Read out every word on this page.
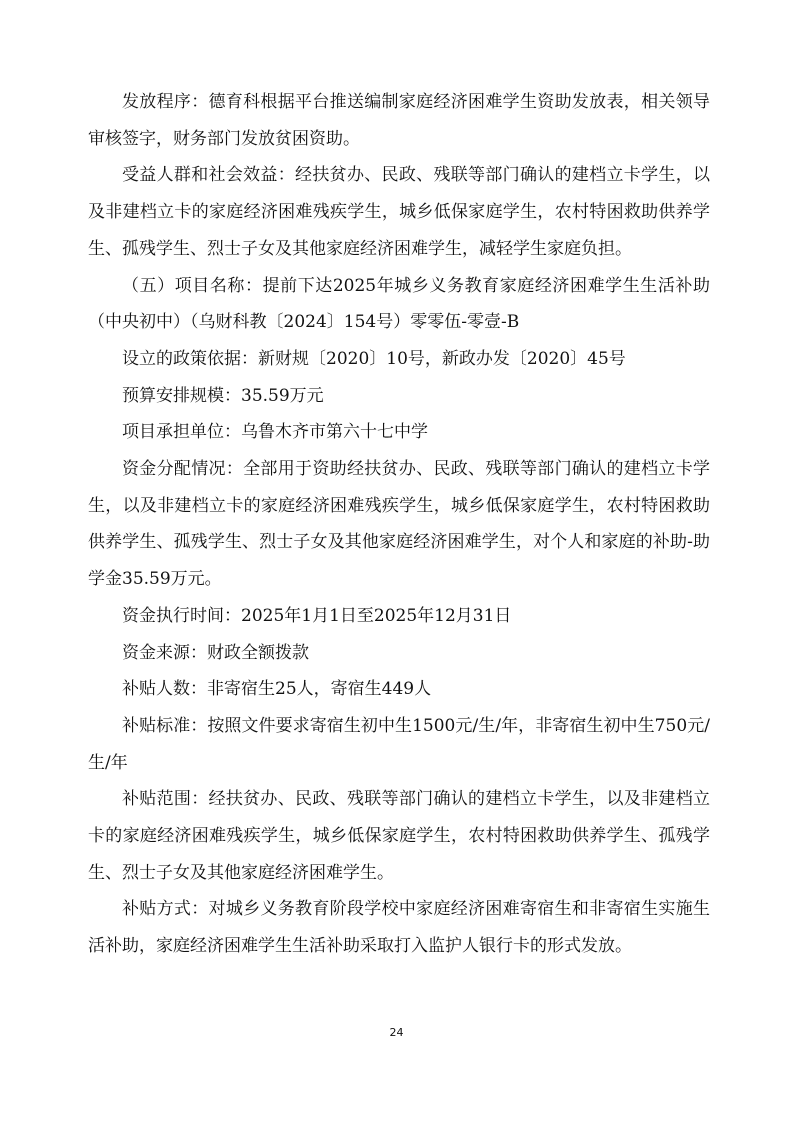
发放程序：德育科根据平台推送编制家庭经济困难学生资助发放表，相关领导审核签字，财务部门发放贫困资助。

受益人群和社会效益：经扶贫办、民政、残联等部门确认的建档立卡学生，以及非建档立卡的家庭经济困难残疾学生，城乡低保家庭学生，农村特困救助供养学生、孤残学生、烈士子女及其他家庭经济困难学生，减轻学生家庭负担。

（五）项目名称：提前下达2025年城乡义务教育家庭经济困难学生生活补助（中央初中）（乌财科教〔2024〕154号）零零伍-零壹-B

设立的政策依据：新财规〔2020〕10号，新政办发〔2020〕45号

预算安排规模：35.59万元

项目承担单位：乌鲁木齐市第六十七中学

资金分配情况：全部用于资助经扶贫办、民政、残联等部门确认的建档立卡学生，以及非建档立卡的家庭经济困难残疾学生，城乡低保家庭学生，农村特困救助供养学生、孤残学生、烈士子女及其他家庭经济困难学生，对个人和家庭的补助-助学金35.59万元。

资金执行时间：2025年1月1日至2025年12月31日

资金来源：财政全额拨款

补贴人数：非寄宿生25人，寄宿生449人

补贴标准：按照文件要求寄宿生初中生1500元/生/年，非寄宿生初中生750元/生/年

补贴范围：经扶贫办、民政、残联等部门确认的建档立卡学生，以及非建档立卡的家庭经济困难残疾学生，城乡低保家庭学生，农村特困救助供养学生、孤残学生、烈士子女及其他家庭经济困难学生。

补贴方式：对城乡义务教育阶段学校中家庭经济困难寄宿生和非寄宿生实施生活补助，家庭经济困难学生生活补助采取打入监护人银行卡的形式发放。

24
